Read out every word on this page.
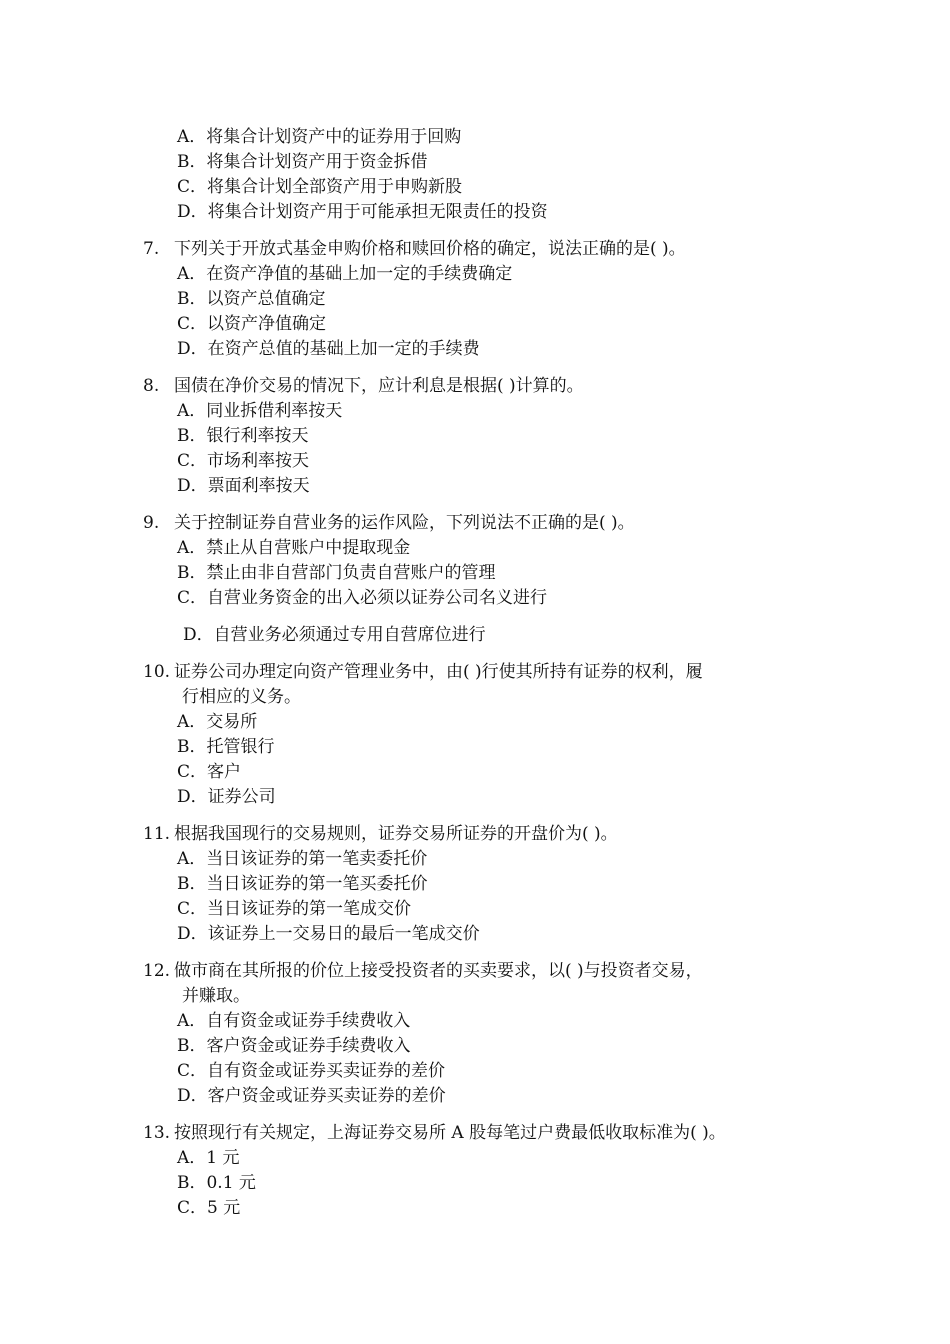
A．将集合计划资产中的证券用于回购
B．将集合计划资产用于资金拆借
C．将集合计划全部资产用于申购新股
D．将集合计划资产用于可能承担无限责任的投资
7. 下列关于开放式基金申购价格和赎回价格的确定，说法正确的是( )。
A．在资产净值的基础上加一定的手续费确定
B．以资产总值确定
C．以资产净值确定
D．在资产总值的基础上加一定的手续费
8. 国债在净价交易的情况下，应计利息是根据( )计算的。
A．同业拆借利率按天
B．银行利率按天
C．市场利率按天
D．票面利率按天
9. 关于控制证券自营业务的运作风险，下列说法不正确的是( )。
A．禁止从自营账户中提取现金
B．禁止由非自营部门负责自营账户的管理
C．自营业务资金的出入必须以证券公司名义进行
D．自营业务必须通过专用自营席位进行
10. 证券公司办理定向资产管理业务中，由( )行使其所持有证券的权利，履
行相应的义务。
A．交易所
B．托管银行
C．客户
D．证券公司
11. 根据我国现行的交易规则，证券交易所证券的开盘价为( )。
A．当日该证券的第一笔卖委托价
B．当日该证券的第一笔买委托价
C．当日该证券的第一笔成交价
D．该证券上一交易日的最后一笔成交价
12. 做市商在其所报的价位上接受投资者的买卖要求，以( )与投资者交易，
并赚取。
A．自有资金或证券手续费收入
B．客户资金或证券手续费收入
C．自有资金或证券买卖证券的差价
D．客户资金或证券买卖证券的差价
13. 按照现行有关规定，上海证券交易所 A 股每笔过户费最低收取标准为( )。
A．1 元
B．0.1 元
C．5 元
